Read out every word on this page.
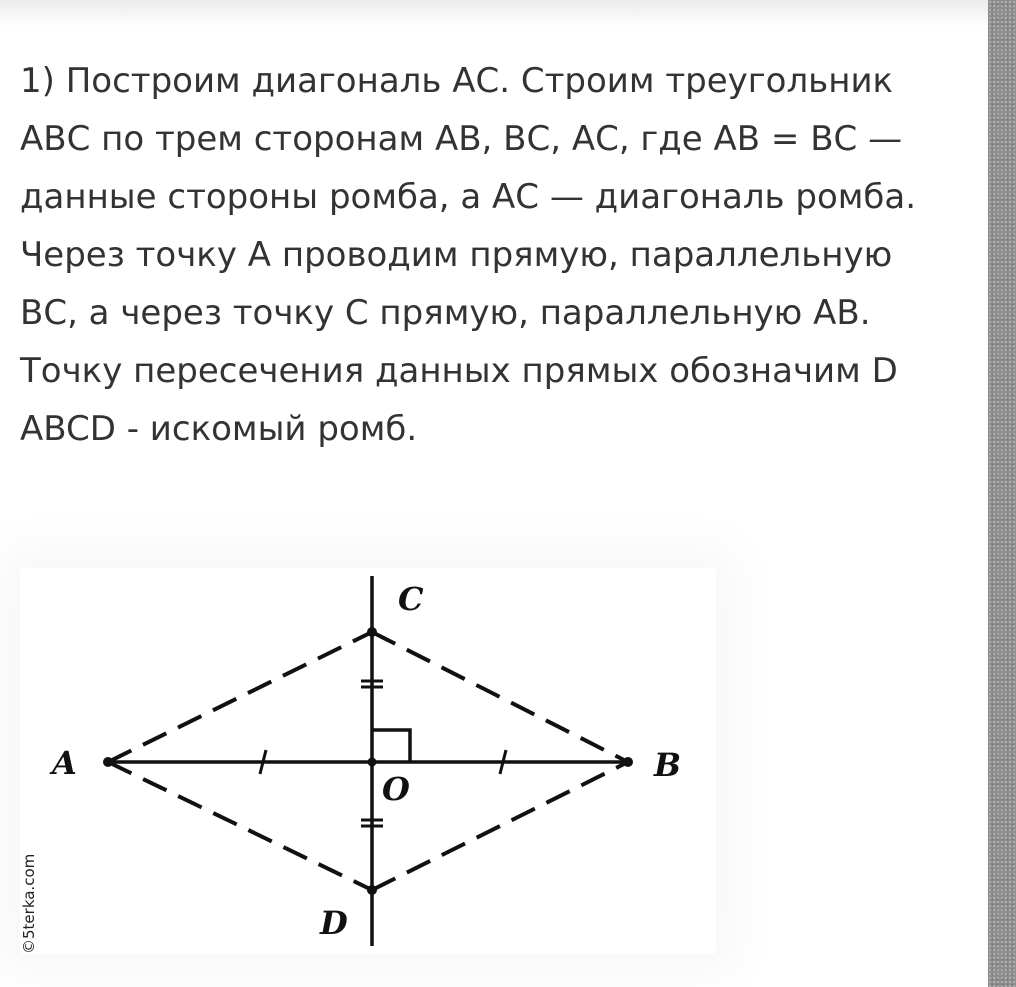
1) Построим диагональ АС. Строим треугольник АВС по трем сторонам АВ, ВС, АС, где АВ = ВС — данные стороны ромба, а АС — диагональ ромба. Через точку А проводим прямую, параллельную ВС, а через точку С прямую, параллельную АВ. Точку пересечения данных прямых обозначим D ABCD - искомый ромб.

C
A	B
O
D
©5terka.com
